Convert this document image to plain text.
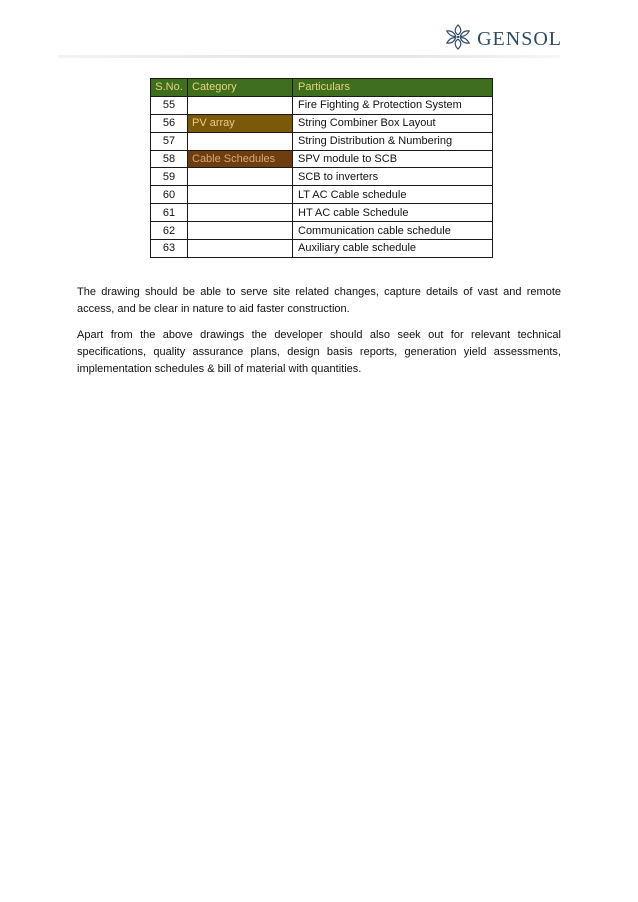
GENSOL
S.No.	Category	Particulars
55		Fire Fighting & Protection System
56	PV array	String Combiner Box Layout
57		String Distribution & Numbering
58	Cable Schedules	SPV module to SCB
59		SCB to inverters
60		LT AC Cable schedule
61		HT AC cable Schedule
62		Communication cable schedule
63		Auxiliary cable schedule

The drawing should be able to serve site related changes, capture details of vast and remote access, and be clear in nature to aid faster construction.

Apart from the above drawings the developer should also seek out for relevant technical specifications, quality assurance plans, design basis reports, generation yield assessments, implementation schedules & bill of material with quantities.
